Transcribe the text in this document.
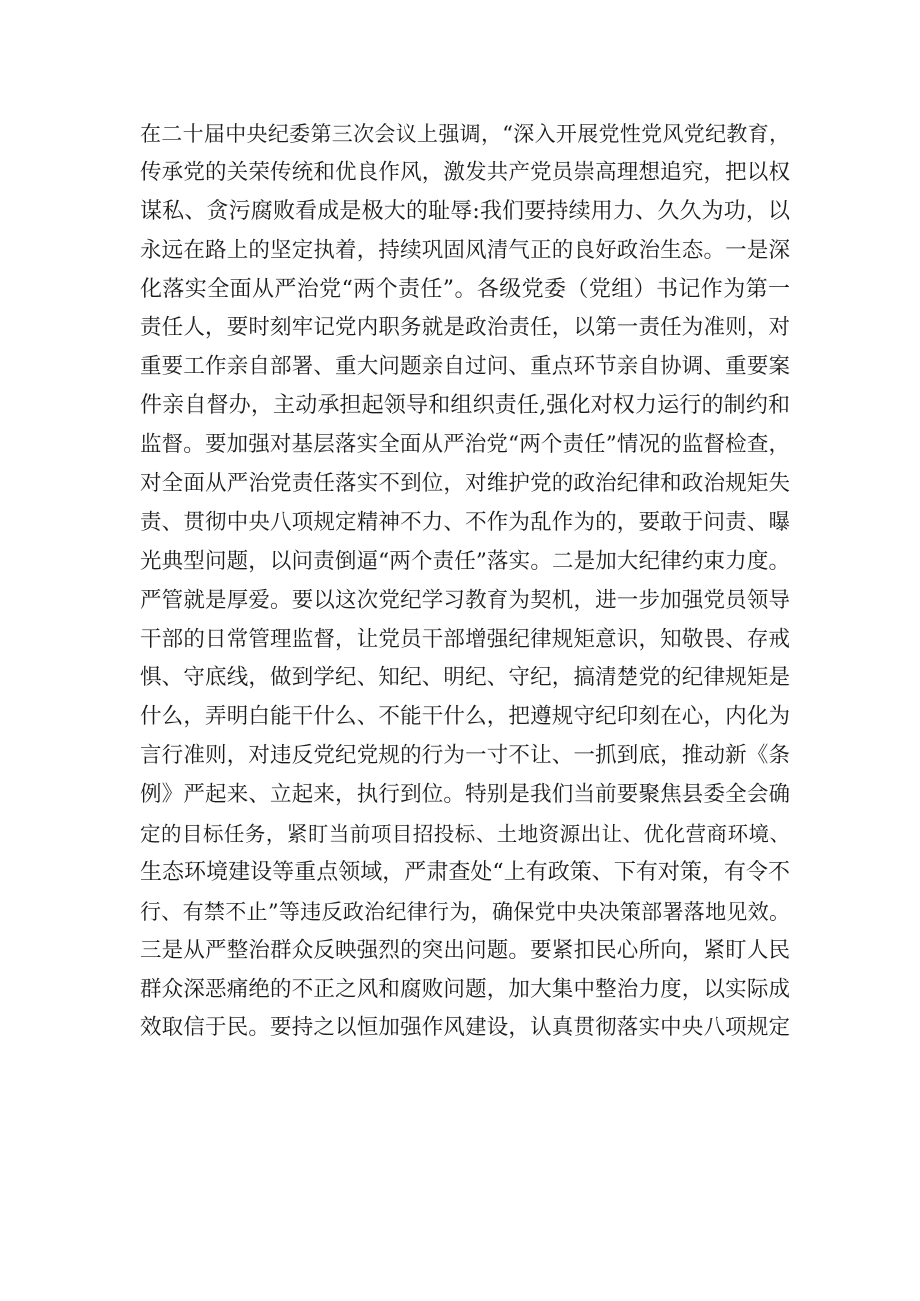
在二十届中央纪委第三次会议上强调，“深入开展党性党风党纪教育，
传承党的关荣传统和优良作风，激发共产党员崇高理想追究，把以权
谋私、贪污腐败看成是极大的耻辱:我们要持续用力、久久为功，以
永远在路上的坚定执着，持续巩固风清气正的良好政治生态。一是深
化落实全面从严治党“两个责任”。各级党委（党组）书记作为第一
责任人，要时刻牢记党内职务就是政治责任，以第一责任为准则，对
重要工作亲自部署、重大问题亲自过问、重点环节亲自协调、重要案
件亲自督办，主动承担起领导和组织责任,强化对权力运行的制约和
监督。要加强对基层落实全面从严治党“两个责任”情况的监督检查，
对全面从严治党责任落实不到位，对维护党的政治纪律和政治规矩失
责、贯彻中央八项规定精神不力、不作为乱作为的，要敢于问责、曝
光典型问题，以问责倒逼“两个责任”落实。二是加大纪律约束力度。
严管就是厚爱。要以这次党纪学习教育为契机，进一步加强党员领导
干部的日常管理监督，让党员干部增强纪律规矩意识，知敬畏、存戒
惧、守底线，做到学纪、知纪、明纪、守纪，搞清楚党的纪律规矩是
什么，弄明白能干什么、不能干什么，把遵规守纪印刻在心，内化为
言行准则，对违反党纪党规的行为一寸不让、一抓到底，推动新《条
例》严起来、立起来，执行到位。特别是我们当前要聚焦县委全会确
定的目标任务，紧盯当前项目招投标、土地资源出让、优化营商环境、
生态环境建设等重点领域，严肃查处“上有政策、下有对策，有令不
行、有禁不止”等违反政治纪律行为，确保党中央决策部署落地见效。
三是从严整治群众反映强烈的突出问题。要紧扣民心所向，紧盯人民
群众深恶痛绝的不正之风和腐败问题，加大集中整治力度，以实际成
效取信于民。要持之以恒加强作风建设，认真贯彻落实中央八项规定
